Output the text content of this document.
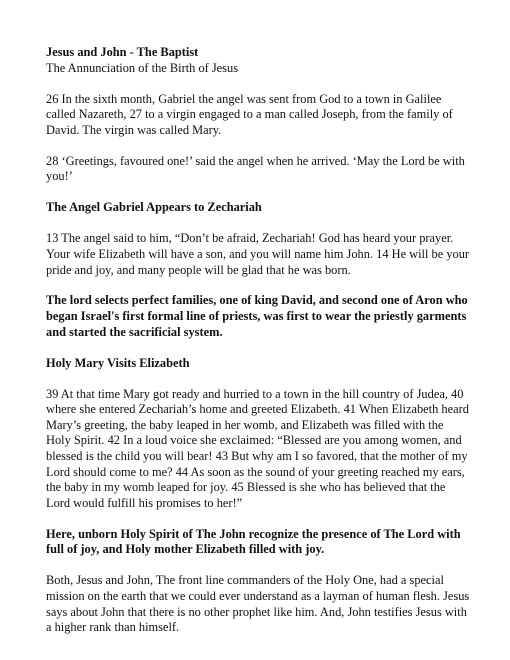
Jesus and John - The Baptist

The Annunciation of the Birth of Jesus

26 In the sixth month, Gabriel the angel was sent from God to a town in Galilee called Nazareth, 27 to a virgin engaged to a man called Joseph, from the family of David. The virgin was called Mary.

28 ‘Greetings, favoured one!’ said the angel when he arrived. ‘May the Lord be with you!’

The Angel Gabriel Appears to Zechariah

13 The angel said to him, “Don’t be afraid, Zechariah! God has heard your prayer. Your wife Elizabeth will have a son, and you will name him John. 14 He will be your pride and joy, and many people will be glad that he was born.

The lord selects perfect families, one of king David, and second one of Aron who began Israel's first formal line of priests, was first to wear the priestly garments and started the sacrificial system.

Holy Mary Visits Elizabeth

39 At that time Mary got ready and hurried to a town in the hill country of Judea, 40 where she entered Zechariah’s home and greeted Elizabeth. 41 When Elizabeth heard Mary’s greeting, the baby leaped in her womb, and Elizabeth was filled with the Holy Spirit. 42 In a loud voice she exclaimed: “Blessed are you among women, and blessed is the child you will bear! 43 But why am I so favored, that the mother of my Lord should come to me? 44 As soon as the sound of your greeting reached my ears, the baby in my womb leaped for joy. 45 Blessed is she who has believed that the Lord would fulfill his promises to her!”

Here, unborn Holy Spirit of The John recognize the presence of The Lord with full of joy, and Holy mother Elizabeth filled with joy.

Both, Jesus and John, The front line commanders of the Holy One, had a special mission on the earth that we could ever understand as a layman of human flesh. Jesus says about John that there is no other prophet like him. And, John testifies Jesus with a higher rank than himself.
